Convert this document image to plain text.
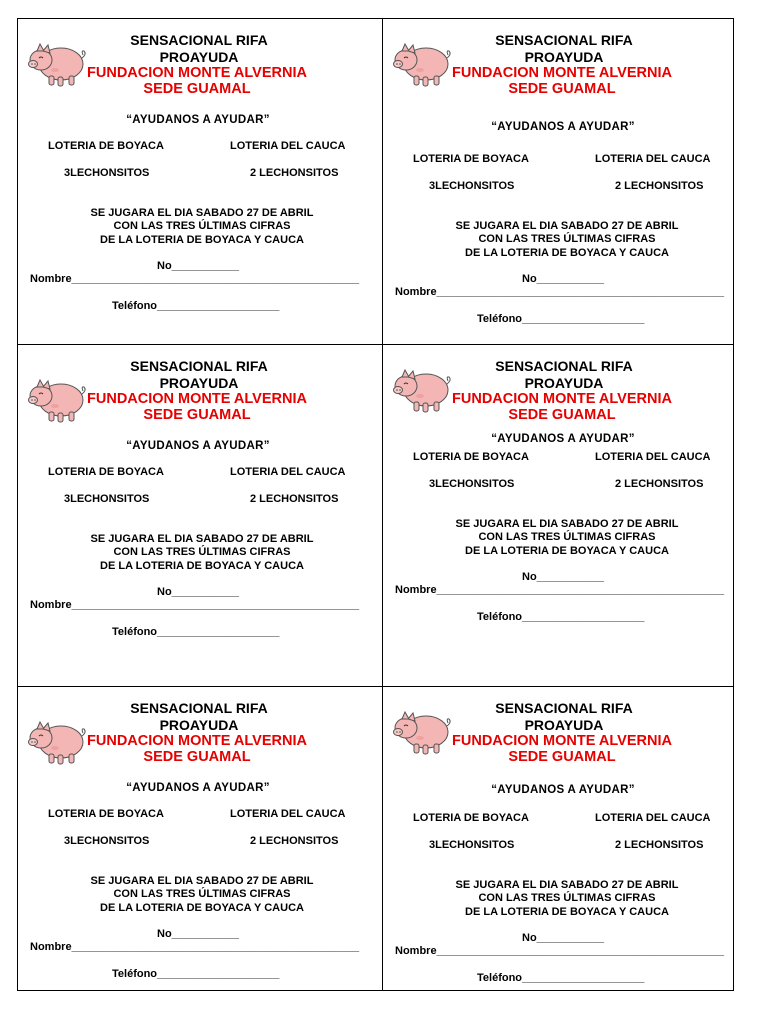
SENSACIONAL RIFA
PROAYUDA
FUNDACION MONTE ALVERNIA
SEDE GUAMAL
“AYUDANOS A AYUDAR”
LOTERIA DE BOYACA	LOTERIA DEL CAUCA
3LECHONSITOS	2 LECHONSITOS
SE JUGARA EL DIA SABADO 27 DE ABRIL
CON LAS TRES ÚLTIMAS CIFRAS
DE LA LOTERIA DE BOYACA Y CAUCA
No___________
Nombre_______________________________________________
Teléfono____________________
SENSACIONAL RIFA
PROAYUDA
FUNDACION MONTE ALVERNIA
SEDE GUAMAL
“AYUDANOS A AYUDAR”
LOTERIA DE BOYACA	LOTERIA DEL CAUCA
3LECHONSITOS	2 LECHONSITOS
SE JUGARA EL DIA SABADO 27 DE ABRIL
CON LAS TRES ÚLTIMAS CIFRAS
DE LA LOTERIA DE BOYACA Y CAUCA
No___________
Nombre_______________________________________________
Teléfono____________________
SENSACIONAL RIFA
PROAYUDA
FUNDACION MONTE ALVERNIA
SEDE GUAMAL
“AYUDANOS A AYUDAR”
LOTERIA DE BOYACA	LOTERIA DEL CAUCA
3LECHONSITOS	2 LECHONSITOS
SE JUGARA EL DIA SABADO 27 DE ABRIL
CON LAS TRES ÚLTIMAS CIFRAS
DE LA LOTERIA DE BOYACA Y CAUCA
No___________
Nombre_______________________________________________
Teléfono____________________
SENSACIONAL RIFA
PROAYUDA
FUNDACION MONTE ALVERNIA
SEDE GUAMAL
“AYUDANOS A AYUDAR”
LOTERIA DE BOYACA	LOTERIA DEL CAUCA
3LECHONSITOS	2 LECHONSITOS
SE JUGARA EL DIA SABADO 27 DE ABRIL
CON LAS TRES ÚLTIMAS CIFRAS
DE LA LOTERIA DE BOYACA Y CAUCA
No___________
Nombre_______________________________________________
Teléfono____________________
SENSACIONAL RIFA
PROAYUDA
FUNDACION MONTE ALVERNIA
SEDE GUAMAL
“AYUDANOS A AYUDAR”
LOTERIA DE BOYACA	LOTERIA DEL CAUCA
3LECHONSITOS	2 LECHONSITOS
SE JUGARA EL DIA SABADO 27 DE ABRIL
CON LAS TRES ÚLTIMAS CIFRAS
DE LA LOTERIA DE BOYACA Y CAUCA
No___________
Nombre_______________________________________________
Teléfono____________________
SENSACIONAL RIFA
PROAYUDA
FUNDACION MONTE ALVERNIA
SEDE GUAMAL
“AYUDANOS A AYUDAR”
LOTERIA DE BOYACA	LOTERIA DEL CAUCA
3LECHONSITOS	2 LECHONSITOS
SE JUGARA EL DIA SABADO 27 DE ABRIL
CON LAS TRES ÚLTIMAS CIFRAS
DE LA LOTERIA DE BOYACA Y CAUCA
No___________
Nombre_______________________________________________
Teléfono____________________
